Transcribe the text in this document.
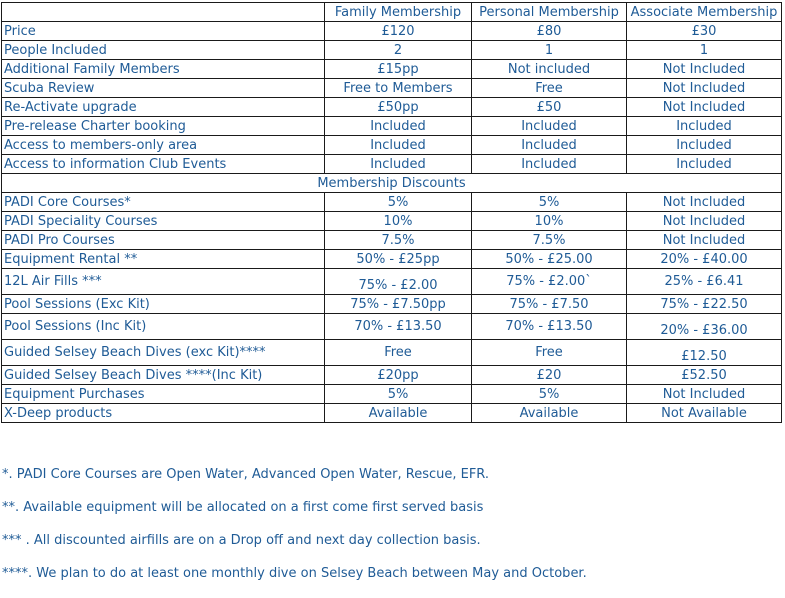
	Family Membership	Personal Membership	Associate Membership
Price	£120	£80	£30
People Included	2	1	1
Additional Family Members	£15pp	Not included	Not Included
Scuba Review	Free to Members	Free	Not Included
Re-Activate upgrade	£50pp	£50	Not Included
Pre-release Charter booking	Included	Included	Included
Access to members-only area	Included	Included	Included
Access to information Club Events	Included	Included	Included
Membership Discounts			
PADI Core Courses*	5%	5%	Not Included
PADI Speciality Courses	10%	10%	Not Included
PADI Pro Courses	7.5%	7.5%	Not Included
Equipment Rental **	50% - £25pp	50% - £25.00	20% - £40.00
12L Air Fills ***	75% - £2.00	75% - £2.00`	25% - £6.41
Pool Sessions (Exc Kit)	75% - £7.50pp	75% - £7.50	75% - £22.50
Pool Sessions (Inc Kit)	70% - £13.50	70% - £13.50	20% - £36.00
Guided Selsey Beach Dives (exc Kit)****	Free	Free	£12.50
Guided Selsey Beach Dives ****(Inc Kit)	£20pp	£20	£52.50
Equipment Purchases	5%	5%	Not Included
X-Deep products	Available	Available	Not Available
*. PADI Core Courses are Open Water, Advanced Open Water, Rescue, EFR.
**. Available equipment will be allocated on a first come first served basis
*** . All discounted airfills are on a Drop off and next day collection basis.
****. We plan to do at least one monthly dive on Selsey Beach between May and October.
